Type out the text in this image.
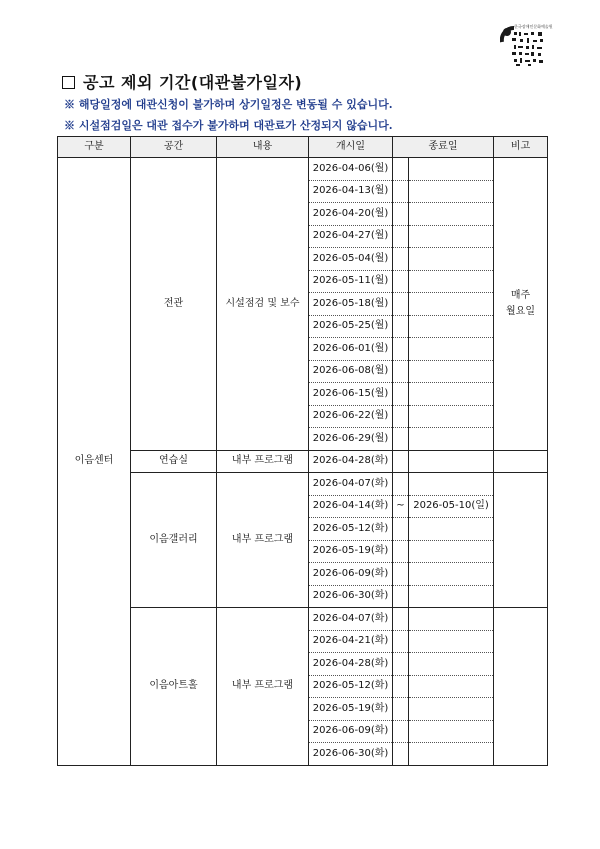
한국장애인문화예술원
공고 제외 기간(대관불가일자)
※ 해당일정에 대관신청이 불가하며 상기일정은 변동될 수 있습니다.
※ 시설점검일은 대관 접수가 불가하며 대관료가 산정되지 않습니다.
구분	공간	내용	개시일	종료일		비고
이음센터	전관	시설점검 및 보수	2026-04-06(월)			매주
월요일
			2026-04-13(월)			
			2026-04-20(월)			
			2026-04-27(월)			
			2026-05-04(월)			
			2026-05-11(월)			
			2026-05-18(월)			
			2026-05-25(월)			
			2026-06-01(월)			
			2026-06-08(월)			
			2026-06-15(월)			
			2026-06-22(월)			
			2026-06-29(월)			
	연습실	내부 프로그램	2026-04-28(화)			
	이음갤러리	내부 프로그램	2026-04-07(화)			
			2026-04-14(화)	~	2026-05-10(일)	
			2026-05-12(화)			
			2026-05-19(화)			
			2026-06-09(화)			
			2026-06-30(화)			
	이음아트홀	내부 프로그램	2026-04-07(화)			
			2026-04-21(화)			
			2026-04-28(화)			
			2026-05-12(화)			
			2026-05-19(화)			
			2026-06-09(화)			
			2026-06-30(화)			
